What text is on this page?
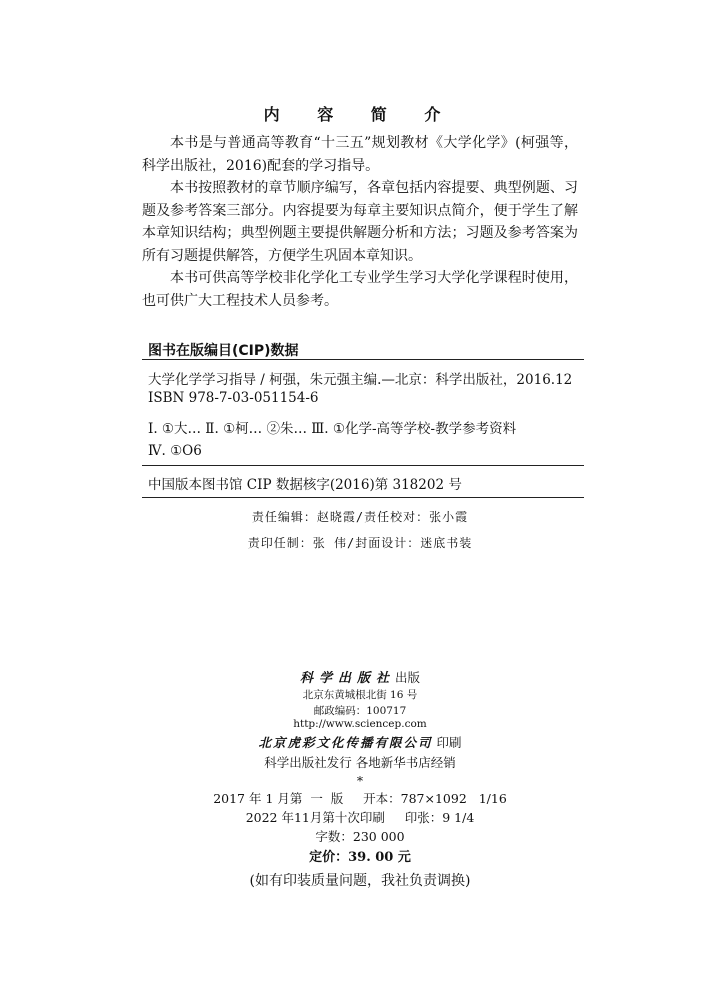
内 容 简 介

本书是与普通高等教育“十三五”规划教材《大学化学》(柯强等，科学出版社，2016)配套的学习指导。

本书按照教材的章节顺序编写，各章包括内容提要、典型例题、习题及参考答案三部分。内容提要为每章主要知识点简介，便于学生了解本章知识结构；典型例题主要提供解题分析和方法；习题及参考答案为所有习题提供解答，方便学生巩固本章知识。

本书可供高等学校非化学化工专业学生学习大学化学课程时使用，也可供广大工程技术人员参考。

图书在版编目(CIP)数据
大学化学学习指导 / 柯强，朱元强主编.—北京：科学出版社，2016.12
ISBN 978-7-03-051154-6
Ⅰ. ①大… Ⅱ. ①柯… ②朱… Ⅲ. ①化学-高等学校-教学参考资料
Ⅳ. ①O6
中国版本图书馆 CIP 数据核字(2016)第 318202 号
责任编辑：赵晓霞/责任校对：张小霞
责印任制：张 伟/封面设计：迷底书装
科学出版社出版
北京东黄城根北街 16 号
邮政编码：100717
http://www.sciencep.com
北京虎彩文化传播有限公司 印刷
科学出版社发行 各地新华书店经销
*
2017 年 1 月第  一  版     开本：787×1092   1/16
2022 年11月第十次印刷     印张：9 1/4
字数：230 000
定价：39. 00 元
(如有印装质量问题，我社负责调换)
